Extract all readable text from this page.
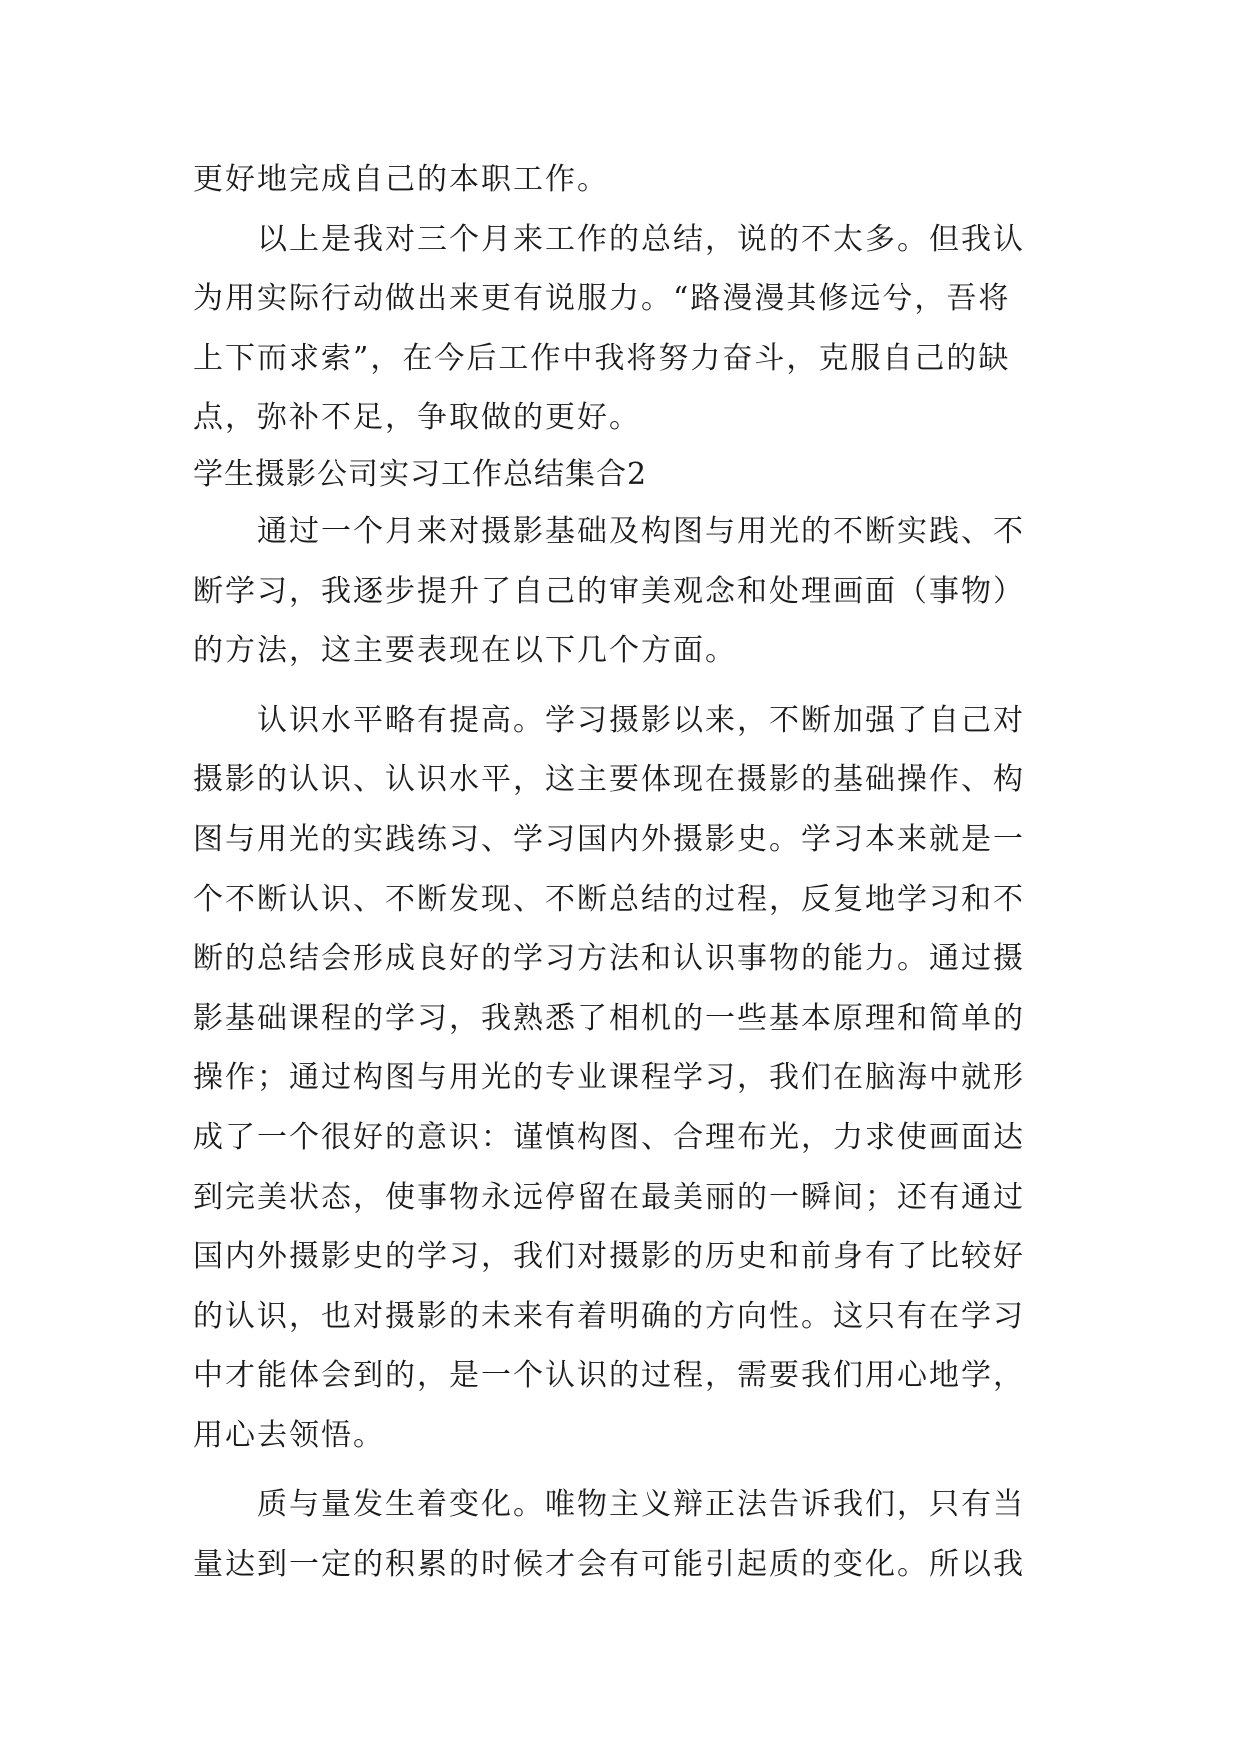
更好地完成自己的本职工作。
以上是我对三个月来工作的总结，说的不太多。但我认
为用实际行动做出来更有说服力。“路漫漫其修远兮，吾将
上下而求索”，在今后工作中我将努力奋斗，克服自己的缺
点，弥补不足，争取做的更好。
学生摄影公司实习工作总结集合2
通过一个月来对摄影基础及构图与用光的不断实践、不
断学习，我逐步提升了自己的审美观念和处理画面（事物）
的方法，这主要表现在以下几个方面。
认识水平略有提高。学习摄影以来，不断加强了自己对
摄影的认识、认识水平，这主要体现在摄影的基础操作、构
图与用光的实践练习、学习国内外摄影史。学习本来就是一
个不断认识、不断发现、不断总结的过程，反复地学习和不
断的总结会形成良好的学习方法和认识事物的能力。通过摄
影基础课程的学习，我熟悉了相机的一些基本原理和简单的
操作；通过构图与用光的专业课程学习，我们在脑海中就形
成了一个很好的意识：谨慎构图、合理布光，力求使画面达
到完美状态，使事物永远停留在最美丽的一瞬间；还有通过
国内外摄影史的学习，我们对摄影的历史和前身有了比较好
的认识，也对摄影的未来有着明确的方向性。这只有在学习
中才能体会到的，是一个认识的过程，需要我们用心地学，
用心去领悟。
质与量发生着变化。唯物主义辩正法告诉我们，只有当
量达到一定的积累的时候才会有可能引起质的变化。所以我
